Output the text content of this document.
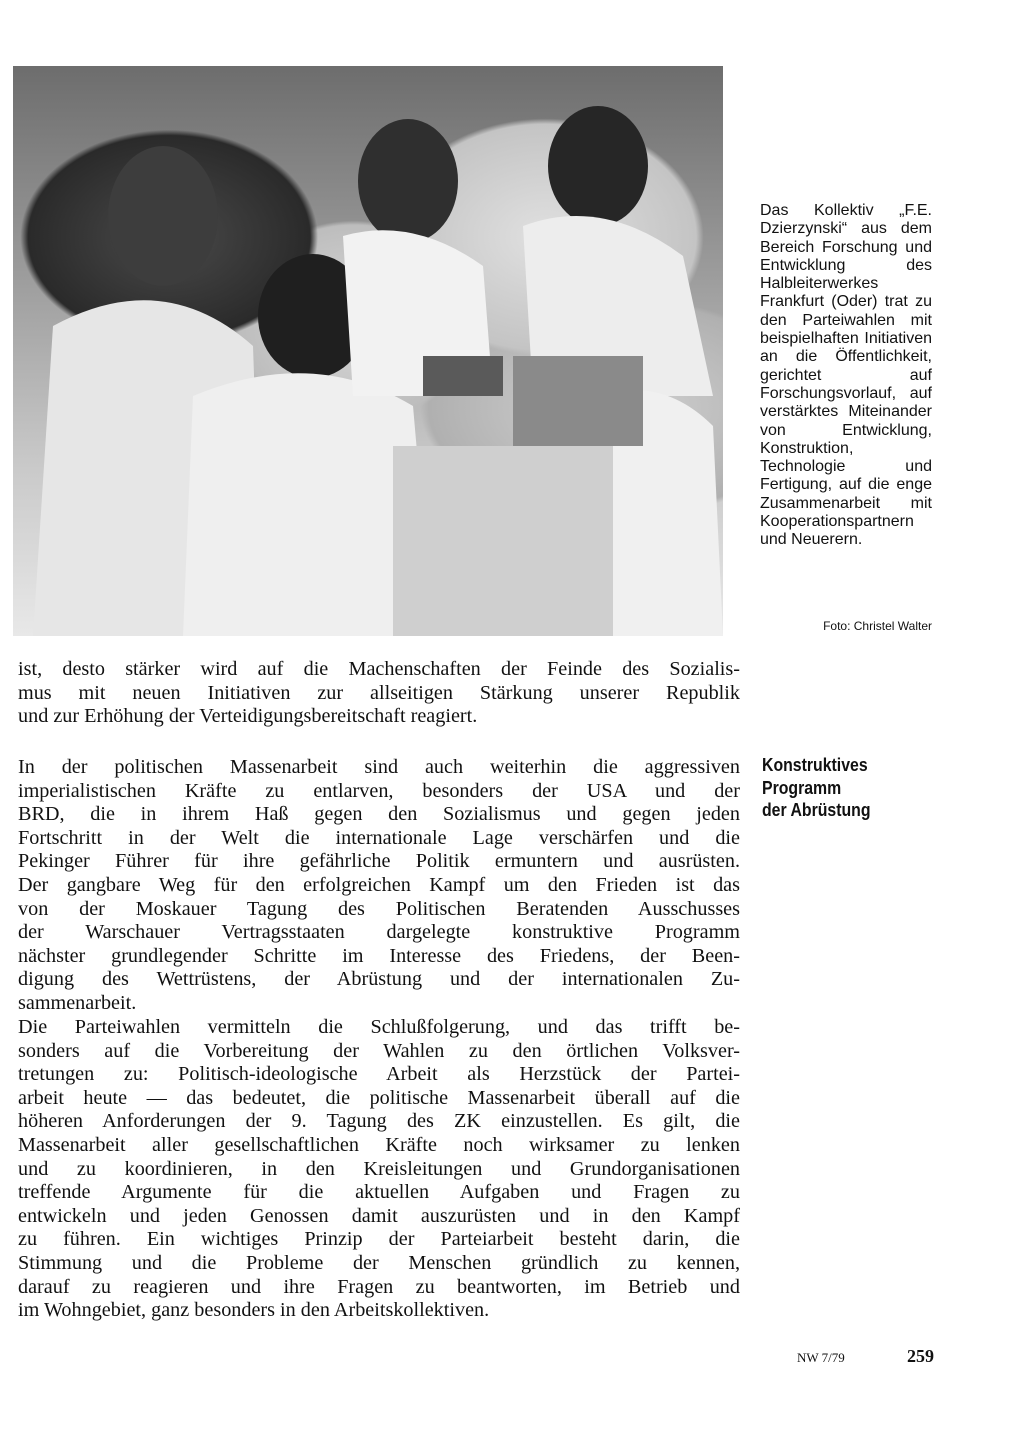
Das Kollektiv „F.E. Dzierzynski“ aus dem Bereich Forschung und Entwicklung des Halbleiterwerkes Frankfurt (Oder) trat zu den Parteiwahlen mit beispielhaften Initiativen an die Öffentlichkeit, gerichtet auf Forschungsvorlauf, auf verstärktes Miteinander von Entwicklung, Konstruktion, Technologie und Fertigung, auf die enge Zusammenarbeit mit Kooperationspartnern und Neuerern.
Foto: Christel Walter
ist, desto stärker wird auf die Machenschaften der Feinde des Sozialis-
mus mit neuen Initiativen zur allseitigen Stärkung unserer Republik
und zur Erhöhung der Verteidigungsbereitschaft reagiert.
In der politischen Massenarbeit sind auch weiterhin die aggressiven
imperialistischen Kräfte zu entlarven, besonders der USA und der
BRD, die in ihrem Haß gegen den Sozialismus und gegen jeden
Fortschritt in der Welt die internationale Lage verschärfen und die
Pekinger Führer für ihre gefährliche Politik ermuntern und ausrüsten.
Der gangbare Weg für den erfolgreichen Kampf um den Frieden ist das
von der Moskauer Tagung des Politischen Beratenden Ausschusses
der Warschauer Vertragsstaaten dargelegte konstruktive Programm
nächster grundlegender Schritte im Interesse des Friedens, der Been-
digung des Wettrüstens, der Abrüstung und der internationalen Zu-
sammenarbeit.
Die Parteiwahlen vermitteln die Schlußfolgerung, und das trifft be-
sonders auf die Vorbereitung der Wahlen zu den örtlichen Volksver-
tretungen zu: Politisch-ideologische Arbeit als Herzstück der Partei-
arbeit heute — das bedeutet, die politische Massenarbeit überall auf die
höheren Anforderungen der 9. Tagung des ZK einzustellen. Es gilt, die
Massenarbeit aller gesellschaftlichen Kräfte noch wirksamer zu lenken
und zu koordinieren, in den Kreisleitungen und Grundorganisationen
treffende Argumente für die aktuellen Aufgaben und Fragen zu
entwickeln und jeden Genossen damit auszurüsten und in den Kampf
zu führen. Ein wichtiges Prinzip der Parteiarbeit besteht darin, die
Stimmung und die Probleme der Menschen gründlich zu kennen,
darauf zu reagieren und ihre Fragen zu beantworten, im Betrieb und
im Wohngebiet, ganz besonders in den Arbeitskollektiven.
Konstruktives
Programm
der Abrüstung
NW 7/79	259
